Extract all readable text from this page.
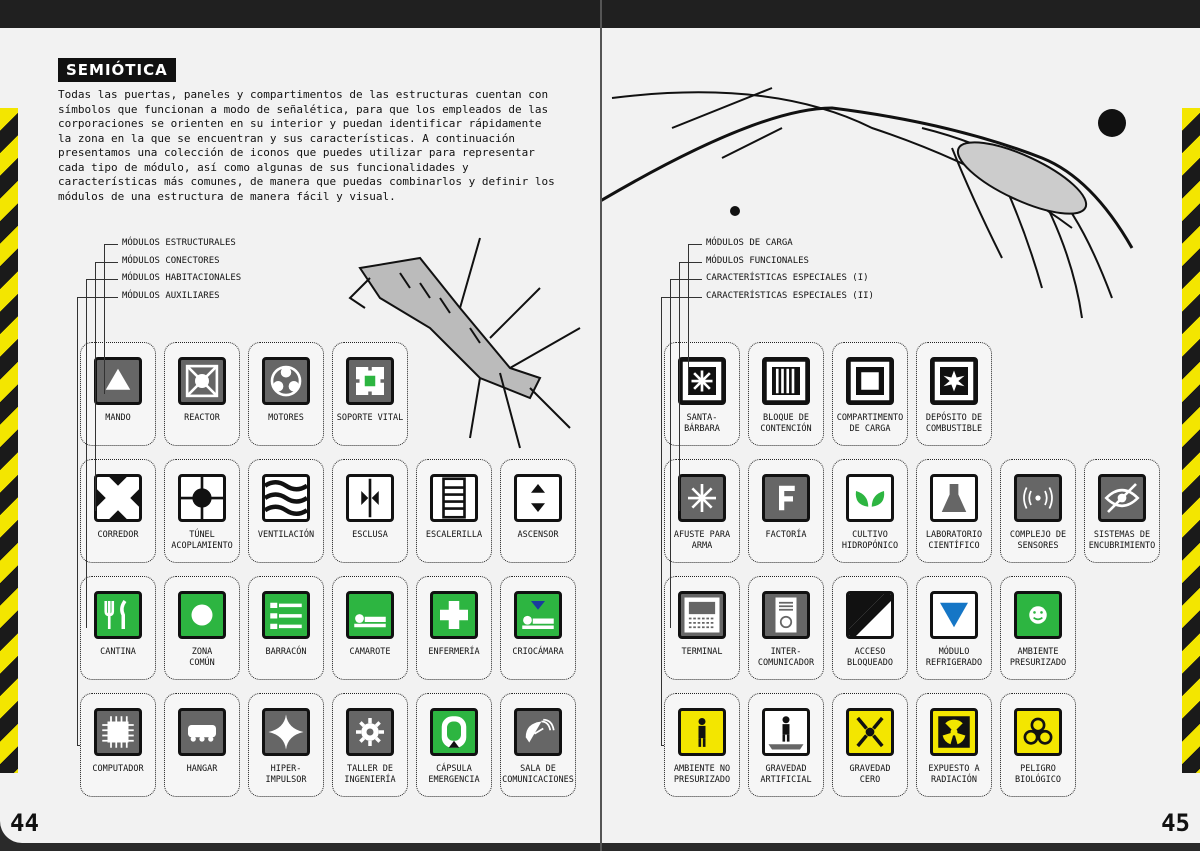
SEMIÓTICA
Todas las puertas, paneles y compartimentos de las estructuras cuentan con símbolos que funcionan a modo de señalética, para que los empleados de las corporaciones se orienten en su interior y puedan identificar rápidamente la zona en la que se encuentran y sus características. A continuación presentamos una colección de iconos que puedes utilizar para representar cada tipo de módulo, así como algunas de sus funcionalidades y características más comunes, de manera que puedas combinarlos y definir los módulos de una estructura de manera fácil y visual.
MÓDULOS ESTRUCTURALES
MÓDULOS CONECTORES
MÓDULOS HABITACIONALES
MÓDULOS AUXILIARES
MANDO	REACTOR	MOTORES	SOPORTE VITAL
CORREDOR	TÚNEL
ACOPLAMIENTO
VENTILACIÓN	ESCLUSA	ESCALERILLA	ASCENSOR
CANTINA	ZONA
COMÚN
BARRACÓN	CAMAROTE	ENFERMERÍA	CRIOCÁMARA
COMPUTADOR	HANGAR	HIPER-
IMPULSOR
TALLER DE
INGENIERÍA
CÁPSULA
EMERGENCIA
SALA DE
COMUNICACIONES
44
MÓDULOS DE CARGA
MÓDULOS FUNCIONALES
CARACTERÍSTICAS ESPECIALES (I)
CARACTERÍSTICAS ESPECIALES (II)
SANTA-
BÁRBARA
BLOQUE DE
CONTENCIÓN
COMPARTIMENTO
DE CARGA
DEPÓSITO DE
COMBUSTIBLE
AFUSTE PARA
ARMA
FACTORÍA	CULTIVO
HIDROPÓNICO
LABORATORIO
CIENTÍFICO
COMPLEJO DE
SENSORES
SISTEMAS DE
ENCUBRIMIENTO
TERMINAL	INTER-
COMUNICADOR
ACCESO
BLOQUEADO
MÓDULO
REFRIGERADO
AMBIENTE
PRESURIZADO
AMBIENTE NO
PRESURIZADO
GRAVEDAD
ARTIFICIAL
GRAVEDAD
CERO
EXPUESTO A
RADIACIÓN
PELIGRO
BIOLÓGICO
45
